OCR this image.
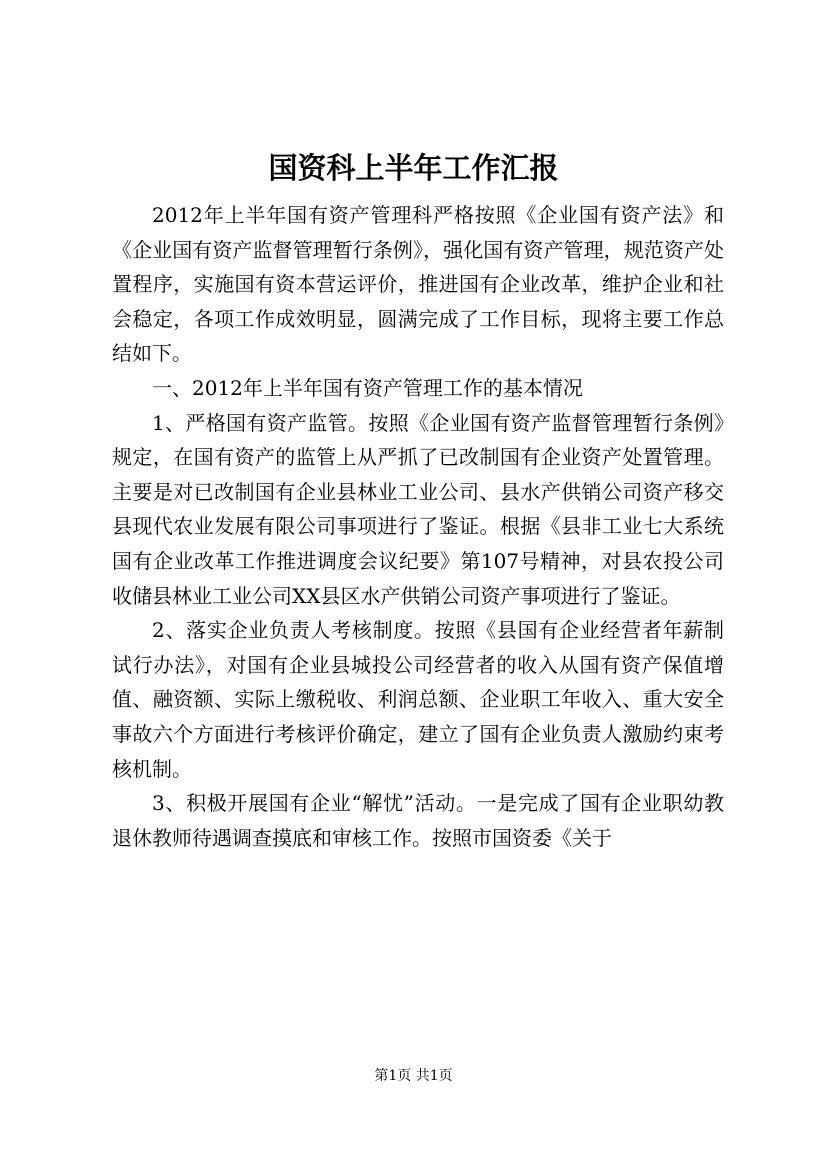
国资科上半年工作汇报

2012年上半年国有资产管理科严格按照《企业国有资产法》和《企业国有资产监督管理暂行条例》，强化国有资产管理，规范资产处置程序，实施国有资本营运评价，推进国有企业改革，维护企业和社会稳定，各项工作成效明显，圆满完成了工作目标，现将主要工作总结如下。

一、2012年上半年国有资产管理工作的基本情况

1、严格国有资产监管。按照《企业国有资产监督管理暂行条例》规定，在国有资产的监管上从严抓了已改制国有企业资产处置管理。主要是对已改制国有企业县林业工业公司、县水产供销公司资产移交县现代农业发展有限公司事项进行了鉴证。根据《县非工业七大系统国有企业改革工作推进调度会议纪要》第107号精神，对县农投公司收储县林业工业公司XX县区水产供销公司资产事项进行了鉴证。

2、落实企业负责人考核制度。按照《县国有企业经营者年薪制试行办法》，对国有企业县城投公司经营者的收入从国有资产保值增值、融资额、实际上缴税收、利润总额、企业职工年收入、重大安全事故六个方面进行考核评价确定，建立了国有企业负责人激励约束考核机制。

3、积极开展国有企业“解忧”活动。一是完成了国有企业职幼教退休教师待遇调查摸底和审核工作。按照市国资委《关于

第1页 共1页
